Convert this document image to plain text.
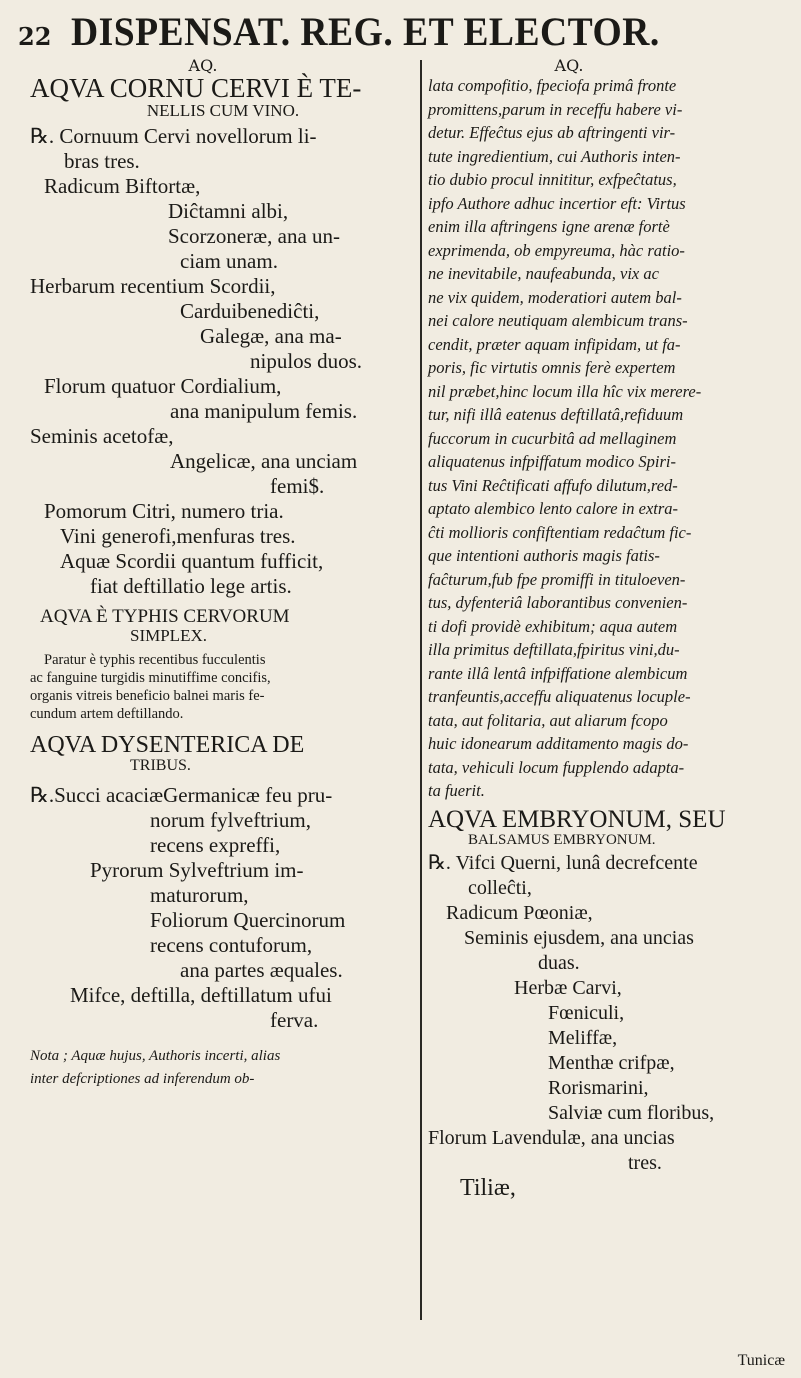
22 DISPENSAT. REG. ET ELECTOR.
AQ.
AQVA CORNU CERVI È TE-
NELLIS CUM VINO.
℞. Cornuum Cervi novellorum li-
bras tres.
Radicum Biftortæ,
Diĉtamni albi,
Scorzoneræ, ana un-
ciam unam.
Herbarum recentium Scordii,
Carduibenediĉti,
Galegæ, ana ma-
nipulos duos.
Florum quatuor Cordialium,
ana manipulum femis.
Seminis acetofæ,
Angelicæ, ana unciam
femi$.
Pomorum Citri, numero tria.
Vini generofi,menfuras tres.
Aquæ Scordii quantum fufficit,
fiat deftillatio lege artis.
AQVA È TYPHIS CERVORUM
SIMPLEX.
Paratur è typhis recentibus fucculentis
ac fanguine turgidis minutiffime concifis,
organis vitreis beneficio balnei maris fe-
cundum artem deftillando.
AQVA DYSENTERICA DE
TRIBUS.
℞.Succi acaciæGermanicæ feu pru-
norum fylveftrium,
recens expreffi,
Pyrorum Sylveftrium im-
maturorum,
Foliorum Quercinorum
recens contuforum,
ana partes æquales.
Mifce, deftilla, deftillatum ufui
ferva.
Nota ; Aquæ hujus, Authoris incerti, alias
inter defcriptiones ad inferendum ob-
AQ.
lata compofitio, fpeciofa primâ fronte
promittens,parum in receffu habere vi-
detur. Effeĉtus ejus ab aftringenti vir-
tute ingredientium, cui Authoris inten-
tio dubio procul innititur, exfpeĉtatus,
ipfo Authore adhuc incertior eft: Virtus
enim illa aftringens igne arenæ fortè
exprimenda, ob empyreuma, hàc ratio-
ne inevitabile, naufeabunda, vix ac
ne vix quidem, moderatiori autem bal-
nei calore neutiquam alembicum trans-
cendit, præter aquam infipidam, ut fa-
poris, fic virtutis omnis ferè expertem
nil præbet,hinc locum illa hîc vix merere-
tur, nifi illâ eatenus deftillatâ,refiduum
fuccorum in cucurbitâ ad mellaginem
aliquatenus infpiffatum modico Spiri-
tus Vini Reĉtificati affufo dilutum,red-
aptato alembico lento calore in extra-
ĉti mollioris confiftentiam redaĉtum fic-
que intentioni authoris magis fatis-
faĉturum,fub fpe promiffi in tituloeven-
tus, dyfenteriâ laborantibus convenien-
ti dofi providè exhibitum; aqua autem
illa primitus deftillata,fpiritus vini,du-
rante illâ lentâ infpiffatione alembicum
tranfeuntis,acceffu aliquatenus locuple-
tata, aut folitaria, aut aliarum fcopo
huic idonearum additamento magis do-
tata, vehiculi locum fupplendo adapta-
ta fuerit.
AQVA EMBRYONUM, SEU
BALSAMUS EMBRYONUM.
℞. Vifci Querni, lunâ decrefcente
colleĉti,
Radicum Pœoniæ,
Seminis ejusdem, ana uncias
duas.
Herbæ Carvi,
Fœniculi,
Meliffæ,
Menthæ crifpæ,
Rorismarini,
Salviæ cum floribus,
Florum Lavendulæ, ana uncias
tres.
Tiliæ,
Tunicæ
